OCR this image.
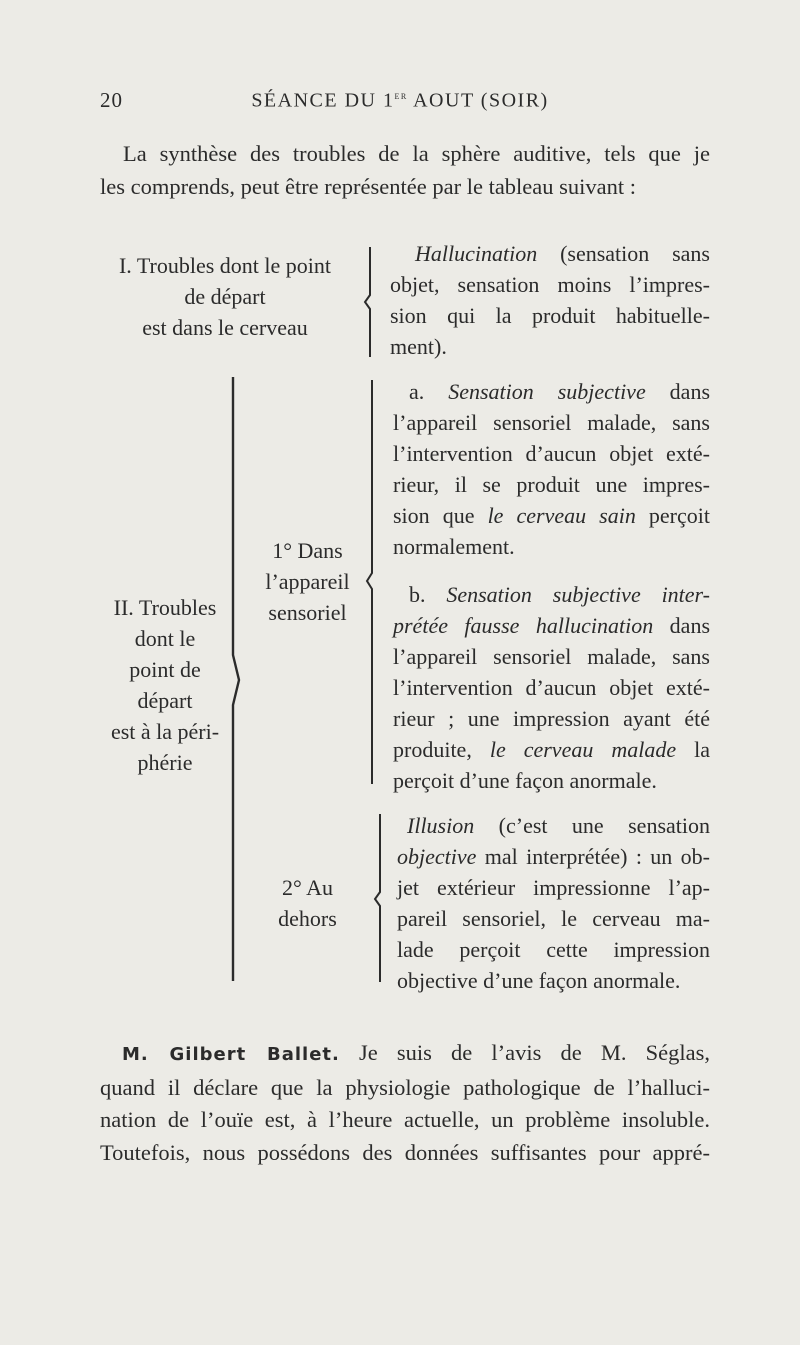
20	SÉANCE DU 1er AOUT (SOIR)
La synthèse des troubles de la sphère auditive, tels que je
les comprends, peut être représentée par le tableau suivant :
I. Troubles dont le point
de départ
est dans le cerveau
Hallucination (sensation sans
objet, sensation moins l’impres-
sion qui la produit habituelle-
ment).
II. Troubles
dont le
point de
départ
est à la péri-
phérie
1° Dans
l’appareil
sensoriel
a. Sensation subjective dans
l’appareil sensoriel malade, sans
l’intervention d’aucun objet exté-
rieur, il se produit une impres-
sion que le cerveau sain perçoit
normalement.
b. Sensation subjective inter-
prétée fausse hallucination dans
l’appareil sensoriel malade, sans
l’intervention d’aucun objet exté-
rieur ; une impression ayant été
produite, le cerveau malade la
perçoit d’une façon anormale.
2° Au
dehors
Illusion (c’est une sensation
objective mal interprétée) : un ob-
jet extérieur impressionne l’ap-
pareil sensoriel, le cerveau ma-
lade perçoit cette impression
objective d’une façon anormale.
M. Gilbert Ballet. Je suis de l’avis de M. Séglas,
quand il déclare que la physiologie pathologique de l’halluci-
nation de l’ouïe est, à l’heure actuelle, un problème insoluble.
Toutefois, nous possédons des données suffisantes pour appré-
